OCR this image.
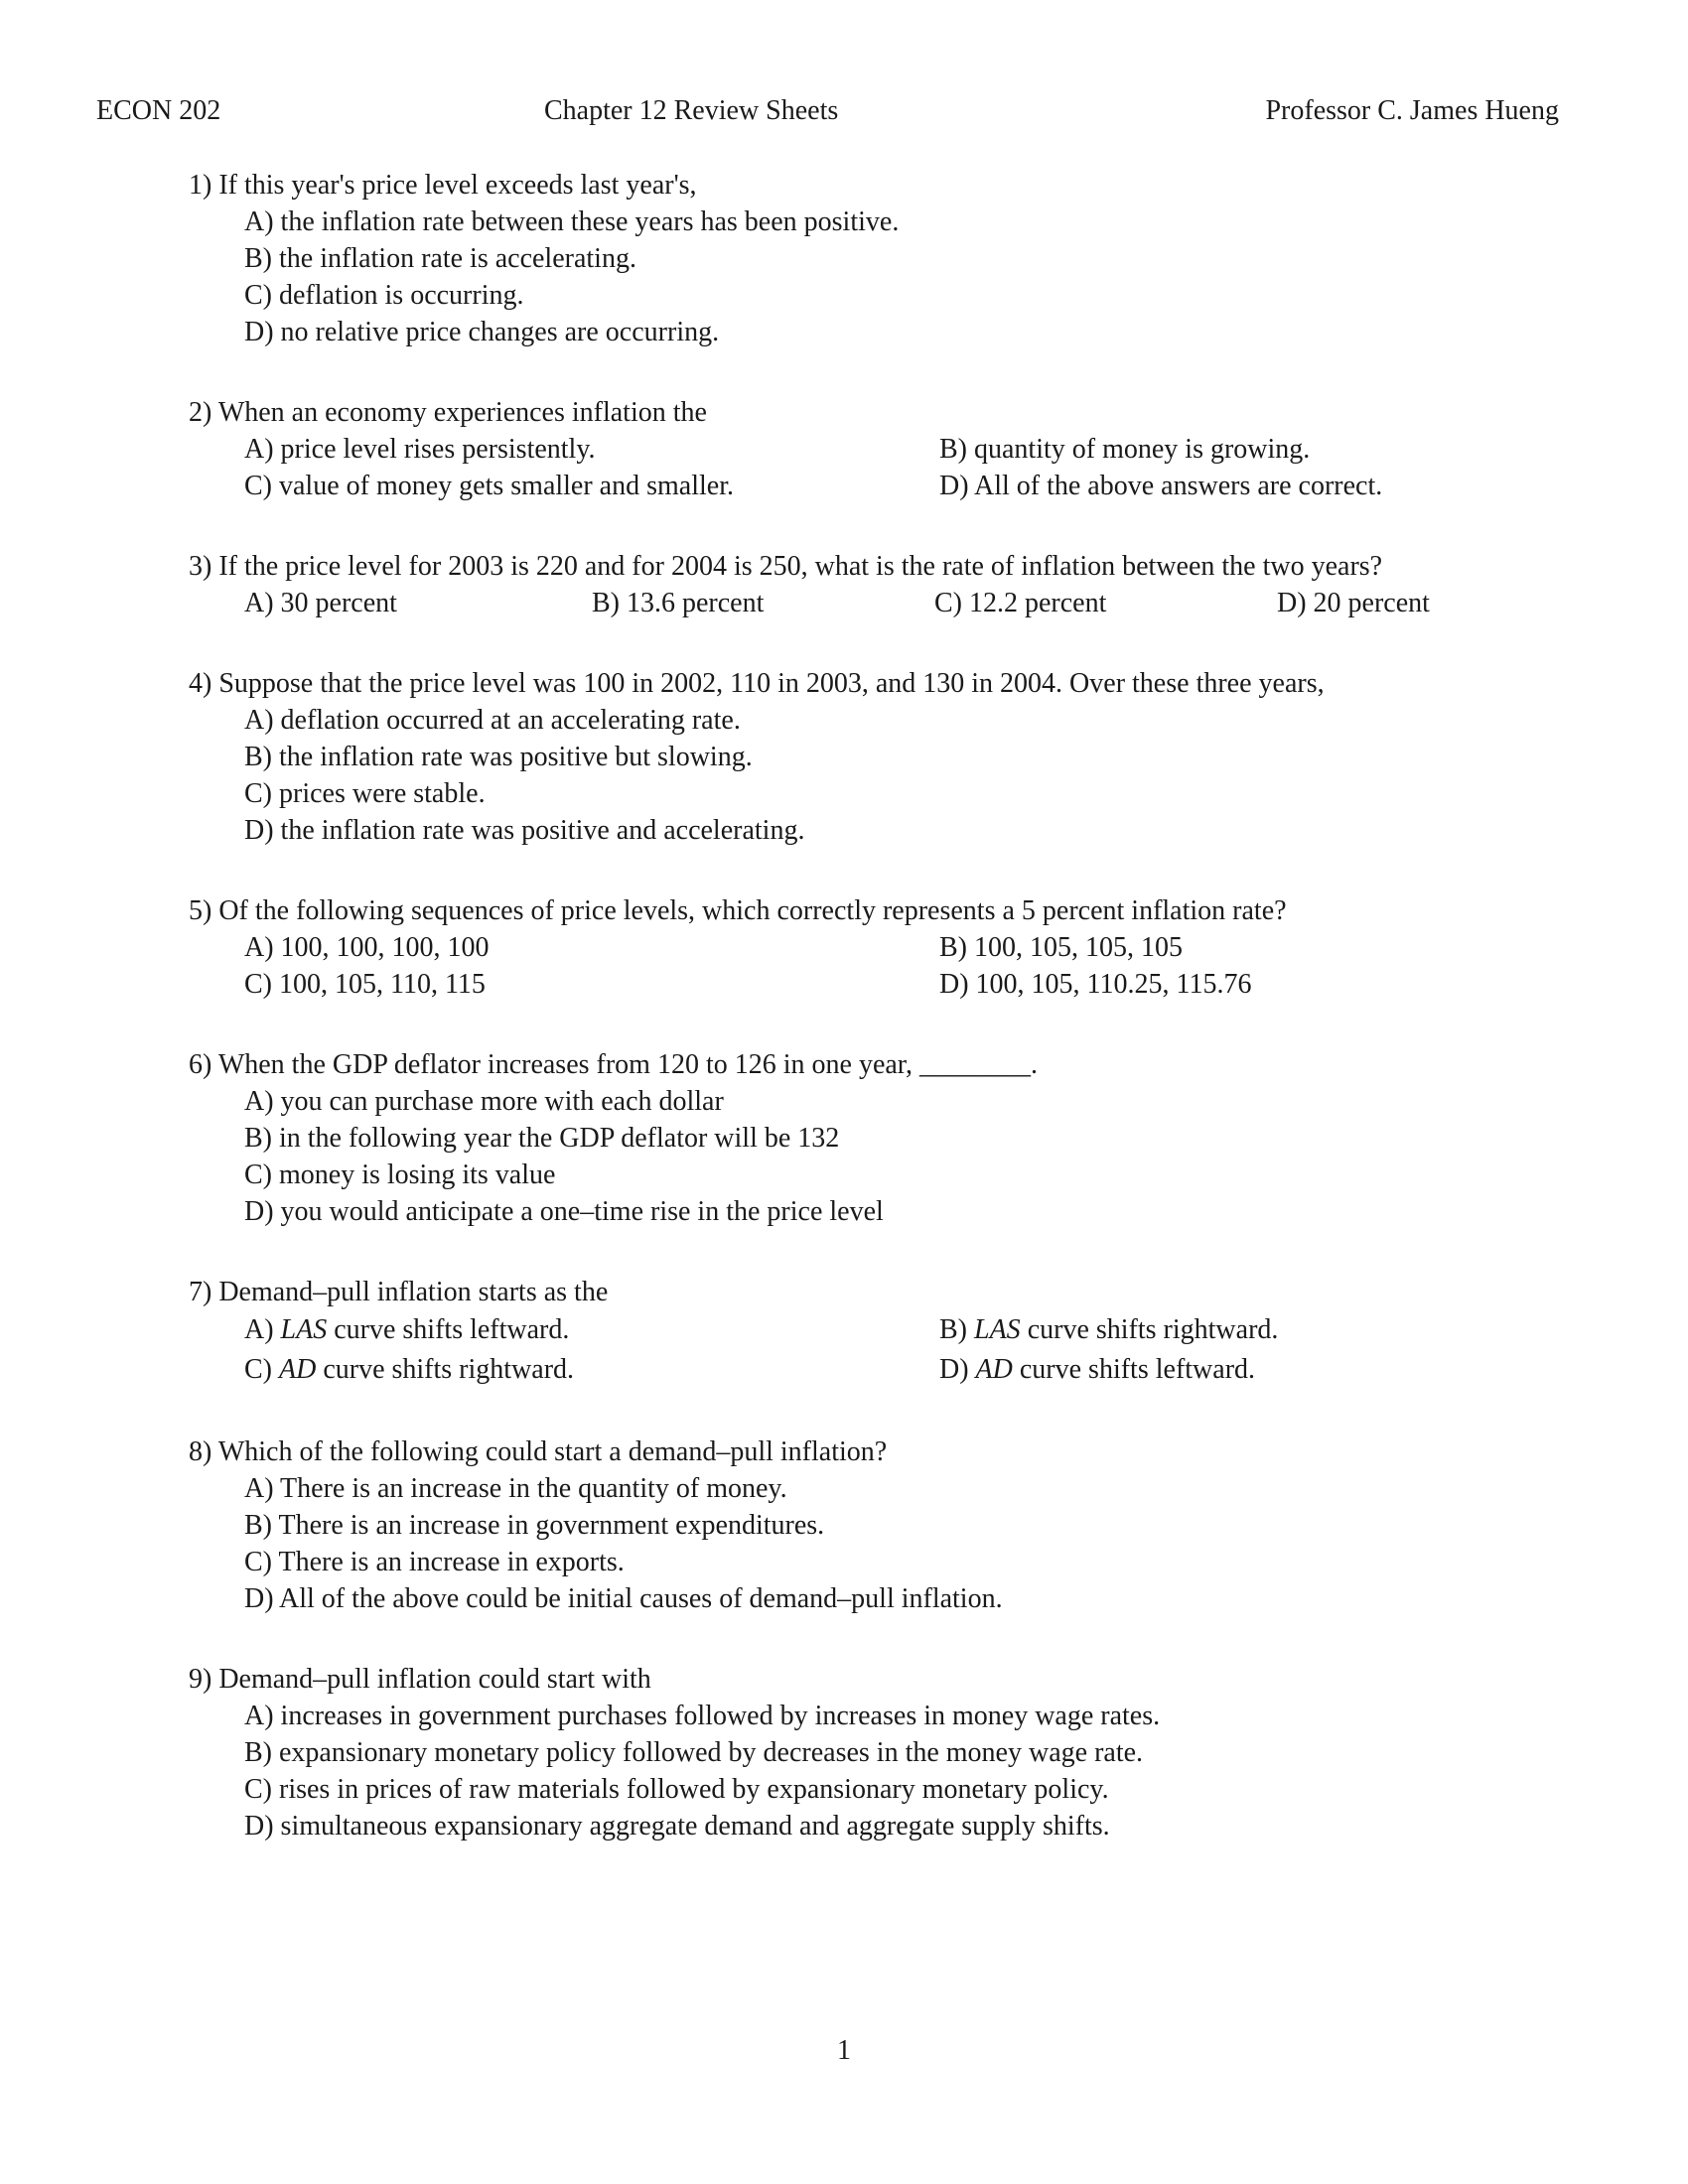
ECON 202	Chapter 12 Review Sheets	Professor C. James Hueng
1) If this year's price level exceeds last year's,
A) the inflation rate between these years has been positive.
B) the inflation rate is accelerating.
C) deflation is occurring.
D) no relative price changes are occurring.
2) When an economy experiences inflation the
A) price level rises persistently.	B) quantity of money is growing.
C) value of money gets smaller and smaller.	D) All of the above answers are correct.
3) If the price level for 2003 is 220 and for 2004 is 250, what is the rate of inflation between the two years?
A) 30 percent	B) 13.6 percent	C) 12.2 percent	D) 20 percent
4) Suppose that the price level was 100 in 2002, 110 in 2003, and 130 in 2004. Over these three years,
A) deflation occurred at an accelerating rate.
B) the inflation rate was positive but slowing.
C) prices were stable.
D) the inflation rate was positive and accelerating.
5) Of the following sequences of price levels, which correctly represents a 5 percent inflation rate?
A) 100, 100, 100, 100	B) 100, 105, 105, 105
C) 100, 105, 110, 115	D) 100, 105, 110.25, 115.76
6) When the GDP deflator increases from 120 to 126 in one year, ________.
A) you can purchase more with each dollar
B) in the following year the GDP deflator will be 132
C) money is losing its value
D) you would anticipate a one–time rise in the price level
7) Demand–pull inflation starts as the
A) LAS curve shifts leftward.	B) LAS curve shifts rightward.
C) AD curve shifts rightward.	D) AD curve shifts leftward.
8) Which of the following could start a demand–pull inflation?
A) There is an increase in the quantity of money.
B) There is an increase in government expenditures.
C) There is an increase in exports.
D) All of the above could be initial causes of demand–pull inflation.
9) Demand–pull inflation could start with
A) increases in government purchases followed by increases in money wage rates.
B) expansionary monetary policy followed by decreases in the money wage rate.
C) rises in prices of raw materials followed by expansionary monetary policy.
D) simultaneous expansionary aggregate demand and aggregate supply shifts.
1
